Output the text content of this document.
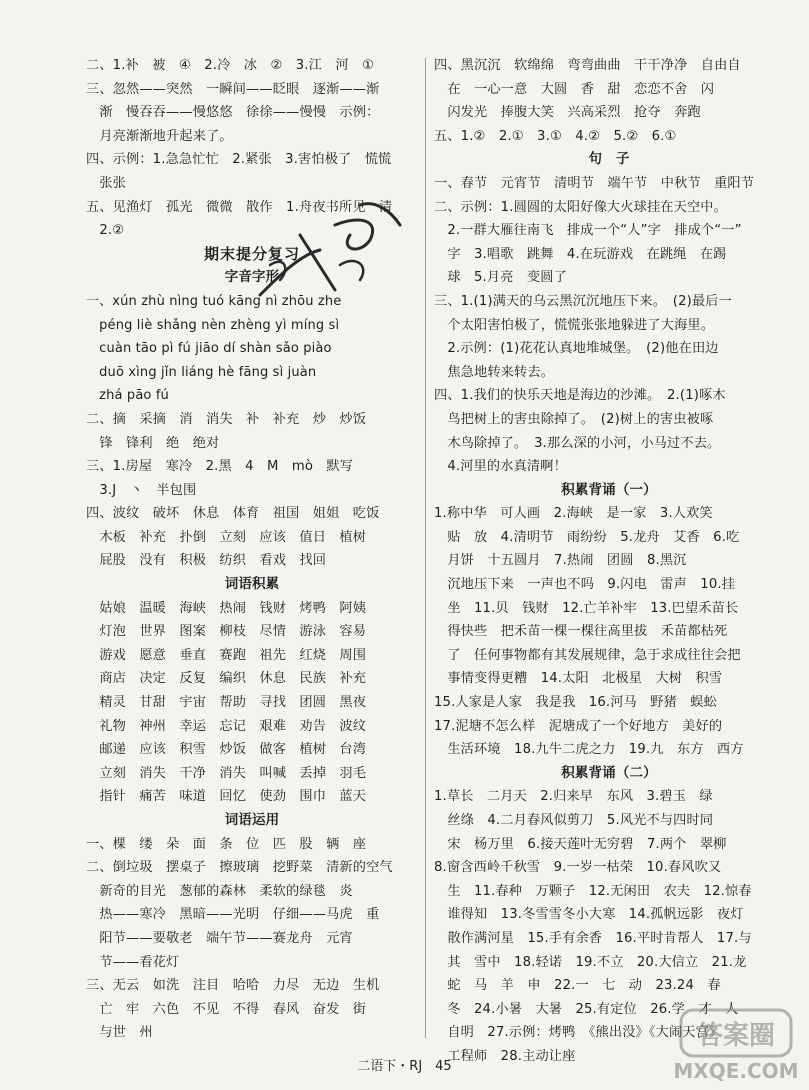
二、1.补　被　④　2.冷　冰　②　3.江　河　①
三、忽然——突然　一瞬间——眨眼　逐渐——渐
　渐　慢吞吞——慢悠悠　徐徐——慢慢　示例：
　月亮渐渐地升起来了。
四、示例：1.急急忙忙　2.紧张　3.害怕极了　慌慌
　张张
五、见渔灯　孤光　微微　散作　1.舟夜书所见　清
　2.②
期末提分复习
字音字形
一、xún zhù nìng tuó kāng nì zhōu zhe
　péng liè shǎng nèn zhèng yì míng sì
　cuàn tāo pì fú jiāo dí shàn sǎo piào
　duō xìng jǐn liáng hè fāng sì juàn
　zhá pāo fú
二、摘　采摘　消　消失　补　补充　炒　炒饭
　锋　锋利　绝　绝对
三、1.房屋　寒冷　2.黑　4　M　mò　默写
　3.J　丶　半包围
四、波纹　破坏　休息　体育　祖国　姐姐　吃饭
　木板　补充　扑倒　立刻　应该　值日　植树
　屁股　没有　积极　纺织　看戏　找回
词语积累
　姑娘　温暖　海峡　热闹　钱财　烤鸭　阿姨
　灯泡　世界　图案　柳枝　尽情　游泳　容易
　游戏　愿意　垂直　赛跑　祖先　红烧　周围
　商店　决定　反复　编织　休息　民族　补充
　精灵　甘甜　宇宙　帮助　寻找　团圆　黑夜
　礼物　神州　幸运　忘记　艰难　劝告　波纹
　邮递　应该　积雪　炒饭　做客　植树　台湾
　立刻　消失　干净　消失　叫喊　丢掉　羽毛
　指针　痛苦　味道　回忆　使劲　围巾　蓝天
词语运用
一、棵　缕　朵　面　条　位　匹　股　辆　座
二、倒垃圾　摆桌子　擦玻璃　挖野菜　清新的空气
　新奇的目光　葱郁的森林　柔软的绿毯　炎
　热——寒冷　黑暗——光明　仔细——马虎　重
　阳节——要敬老　端午节——赛龙舟　元宵
　节——看花灯
三、无云　如洗　注目　哈哈　力尽　无边　生机
　亡　牢　六色　不见　不得　春风　奋发　街
　与世　州
四、黑沉沉　软绵绵　弯弯曲曲　干干净净　自由自
　在　一心一意　大圆　香　甜　恋恋不舍　闪
　闪发光　捧腹大笑　兴高采烈　抢夺　奔跑
五、1.②　2.①　3.①　4.②　5.②　6.①
句　子
一、春节　元宵节　清明节　端午节　中秋节　重阳节
二、示例：1.圆圆的太阳好像大火球挂在天空中。
　2.一群大雁往南飞　排成一个“人”字　排成个“一”
　字　3.唱歌　跳舞　4.在玩游戏　在跳绳　在踢
　球　5.月亮　变圆了
三、1.(1)满天的乌云黑沉沉地压下来。　(2)最后一
　个太阳害怕极了，慌慌张张地躲进了大海里。
　2.示例：(1)花花认真地堆城堡。　(2)他在田边
　焦急地转来转去。
四、1.我们的快乐天地是海边的沙滩。　2.(1)啄木
　鸟把树上的害虫除掉了。　(2)树上的害虫被啄
　木鸟除掉了。　3.那么深的小河，小马过不去。
　4.河里的水真清啊！
积累背诵（一）
1.称中华　可人画　2.海峡　是一家　3.人欢笑
　贴　放　4.清明节　雨纷纷　5.龙舟　艾香　6.吃
　月饼　十五圆月　7.热闹　团圆　8.黑沉
　沉地压下来　一声也不吗　9.闪电　雷声　10.挂
　坐　11.贝　钱财　12.亡羊补牢　13.巴望禾苗长
　得快些　把禾苗一棵一棵往高里拔　禾苗都枯死
　了　任何事物都有其发展规律，急于求成往往会把
　事情变得更糟　14.太阳　北极星　大树　积雪
15.人家是人家　我是我　16.河马　野猪　蜈蚣
17.泥塘不怎么样　泥塘成了一个好地方　美好的
　生活环境　18.九牛二虎之力　19.九　东方　西方
积累背诵（二）
1.草长　二月天　2.归来早　东风　3.碧玉　绿
　丝绦　4.二月春风似剪刀　5.风光不与四时同
　宋　杨万里　6.接天莲叶无穷碧　7.两个　翠柳
8.窗含西岭千秋雪　9.一岁一枯荣　10.春风吹又
　生　11.春种　万颗子　12.无闲田　农夫　12.惊春
　谁得知　13.冬雪雪冬小大寒　14.孤帆远影　夜灯
　散作满河星　15.手有余香　16.平时肯帮人　17.与
　其　雪中　18.轻诺　19.不立　20.大信立　21.龙
　蛇　马　羊　申　22.一　七　动　23.24　春
　冬　24.小暑　大暑　25.有定位　26.学　才　人
　自明　27.示例：烤鸭　《熊出没》《大闹天宫》
　工程师　28.主动让座
二语下・RJ　45
答案圈
MXQE.COM
